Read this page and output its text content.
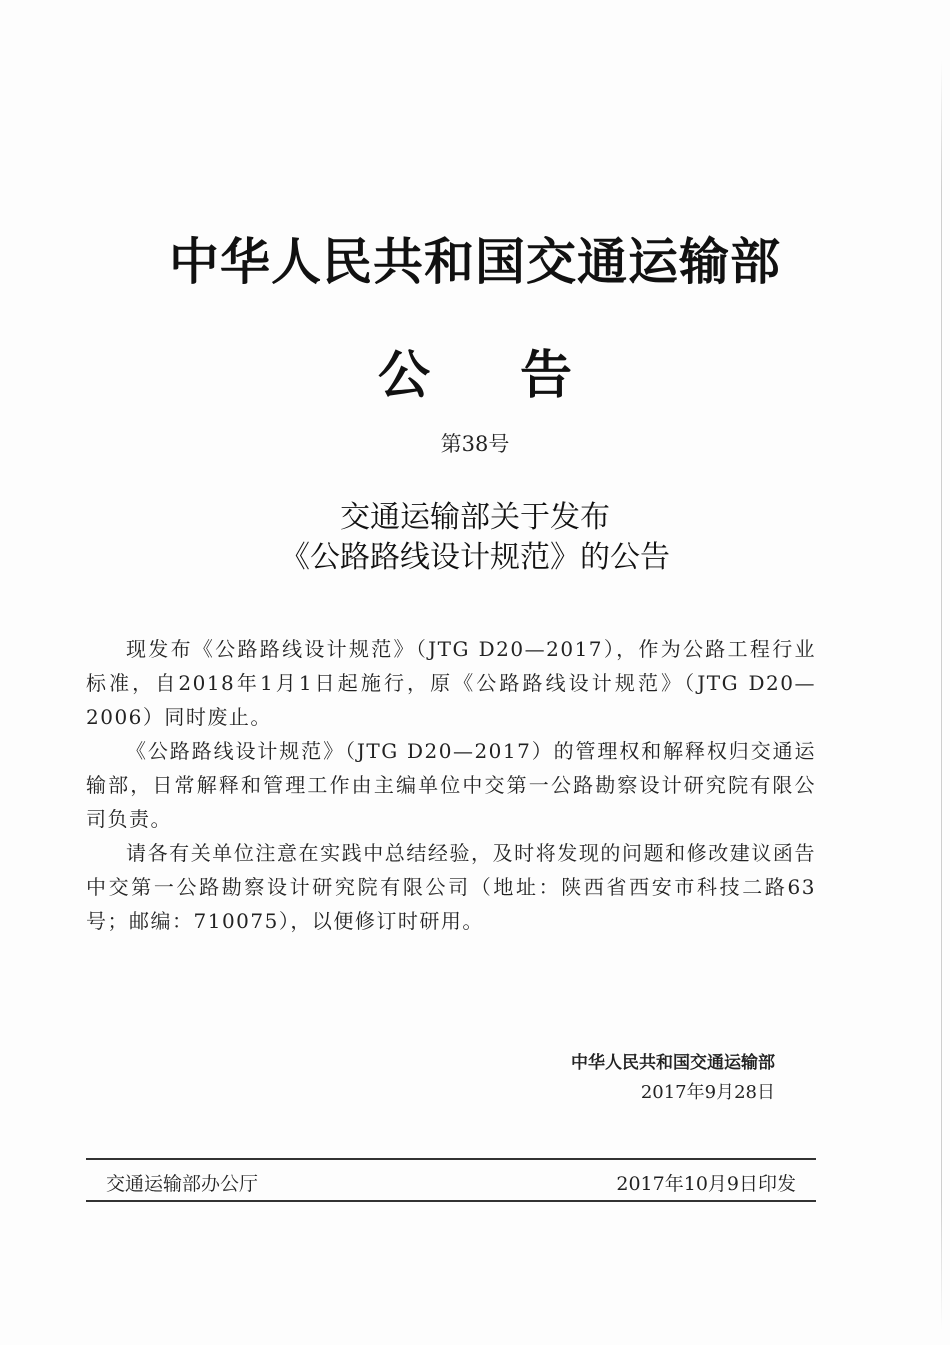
中华人民共和国交通运输部
公告
第38号
交通运输部关于发布
《公路路线设计规范》的公告

现发布《公路路线设计规范》（JTG D20—2017），作为公路工程行业标准，自2018年1月1日起施行，原《公路路线设计规范》（JTG D20—2006）同时废止。

《公路路线设计规范》（JTG D20—2017）的管理权和解释权归交通运输部，日常解释和管理工作由主编单位中交第一公路勘察设计研究院有限公司负责。

请各有关单位注意在实践中总结经验，及时将发现的问题和修改建议函告中交第一公路勘察设计研究院有限公司（地址：陕西省西安市科技二路63号；邮编：710075），以便修订时研用。

中华人民共和国交通运输部
2017年9月28日
交通运输部办公厅	2017年10月9日印发
